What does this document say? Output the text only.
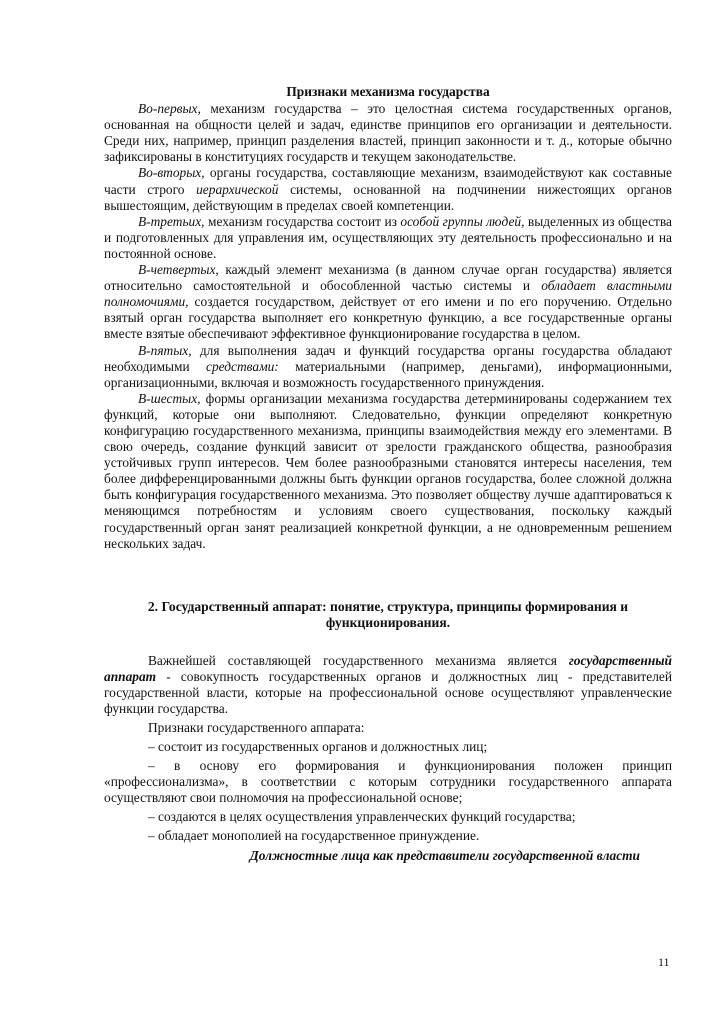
Признаки механизма государства

Во-первых, механизм государства – это целостная система государственных органов, основанная на общности целей и задач, единстве принципов его организации и деятельности. Среди них, например, принцип разделения властей, принцип законности и т. д., которые обычно зафиксированы в конституциях государств и текущем законодательстве.

Во-вторых, органы государства, составляющие механизм, взаимодействуют как составные части строго иерархической системы, основанной на подчинении нижестоящих органов вышестоящим, действующим в пределах своей компетенции.

В-третьих, механизм государства состоит из особой группы людей, выделенных из общества и подготовленных для управления им, осуществляющих эту деятельность профессионально и на постоянной основе.

В-четвертых, каждый элемент механизма (в данном случае орган государства) является относительно самостоятельной и обособленной частью системы и обладает властными полномочиями, создается государством, действует от его имени и по его поручению. Отдельно взятый орган государства выполняет его конкретную функцию, а все государственные органы вместе взятые обеспечивают эффективное функционирование государства в целом.

В-пятых, для выполнения задач и функций государства органы государства обладают необходимыми средствами: материальными (например, деньгами), информационными, организационными, включая и возможность государственного принуждения.

В-шестых, формы организации механизма государства детерминированы содержанием тех функций, которые они выполняют. Следовательно, функции определяют конкретную конфигурацию государственного механизма, принципы взаимодействия между его элементами. В свою очередь, создание функций зависит от зрелости гражданского общества, разнообразия устойчивых групп интересов. Чем более разнообразными становятся интересы населения, тем более дифференцированными должны быть функции органов государства, более сложной должна быть конфигурация государственного механизма. Это позволяет обществу лучше адаптироваться к меняющимся потребностям и условиям своего существования, поскольку каждый государственный орган занят реализацией конкретной функции, а не одновременным решением нескольких задач.

2. Государственный аппарат: понятие, структура, принципы формирования и функционирования.

Важнейшей составляющей государственного механизма является государственный аппарат - совокупность государственных органов и должностных лиц - представителей государственной власти, которые на профессиональной основе осуществляют управленческие функции государства.

Признаки государственного аппарата:

– состоит из государственных органов и должностных лиц;

– в основу его формирования и функционирования положен принцип «профессионализма», в соответствии с которым сотрудники государственного аппарата осуществляют свои полномочия на профессиональной основе;

– создаются в целях осуществления управленческих функций государства;

– обладает монополией на государственное принуждение.

Должностные лица как представители государственной власти

11
